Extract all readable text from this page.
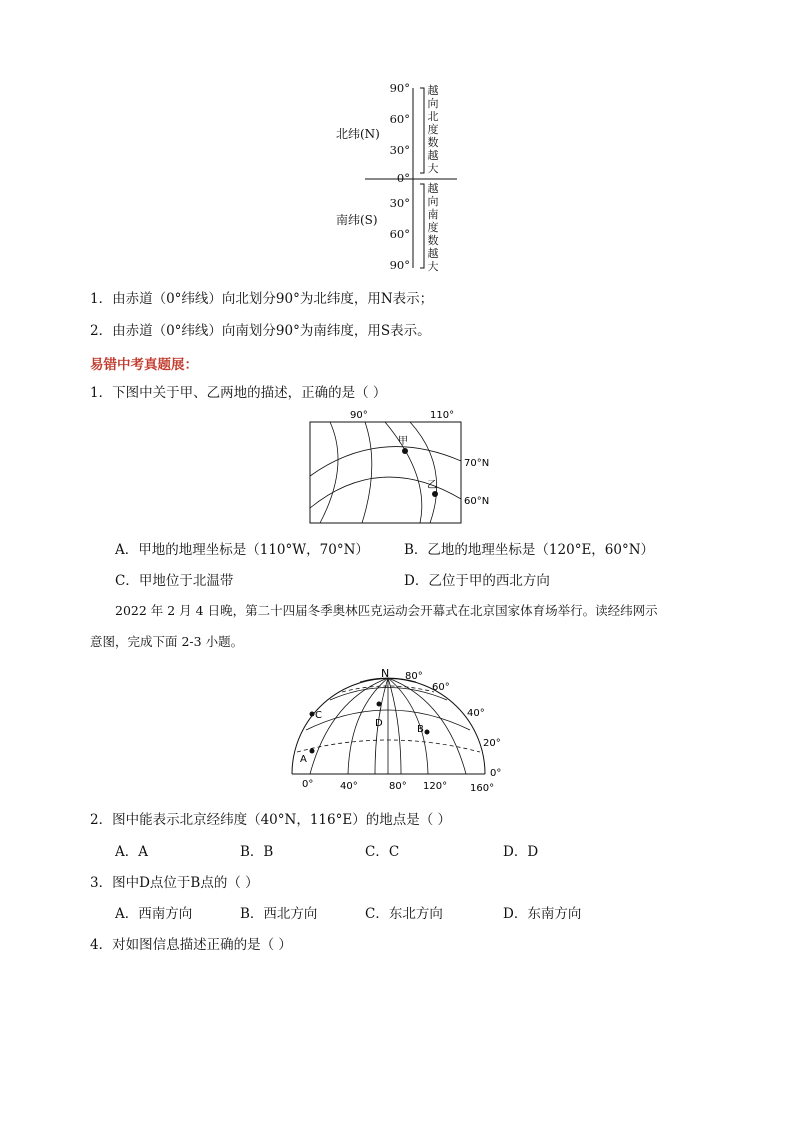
90°
60°
30°
0°
30°
60°
90°
北纬(N)
南纬(S)
越
向
北
度
数
越
大
越
向
南
度
数
越
大
1．由赤道（0°纬线）向北划分90°为北纬度，用N表示；
2．由赤道（0°纬线）向南划分90°为南纬度，用S表示。
易错中考真题展：
1．下图中关于甲、乙两地的描述，正确的是（ ）
90°	110°
70°N
60°N
甲
乙
A．甲地的地理坐标是（110°W，70°N）	B．乙地的地理坐标是（120°E，60°N）
C．甲地位于北温带	D．乙位于甲的西北方向
2022 年 2 月 4 日晚，第二十四届冬季奥林匹克运动会开幕式在北京国家体育场举行。读经纬网示
意图，完成下面 2-3 小题。
A
B
C
D
N 80°
60°
40°
20°
0°
0°	40°	80° 120° 160°
2．图中能表示北京经纬度（40°N，116°E）的地点是（ ）
A．A	B．B	C．C	D．D
3．图中D点位于B点的（ ）
A．西南方向	B．西北方向	C．东北方向	D．东南方向
4．对如图信息描述正确的是（ ）
